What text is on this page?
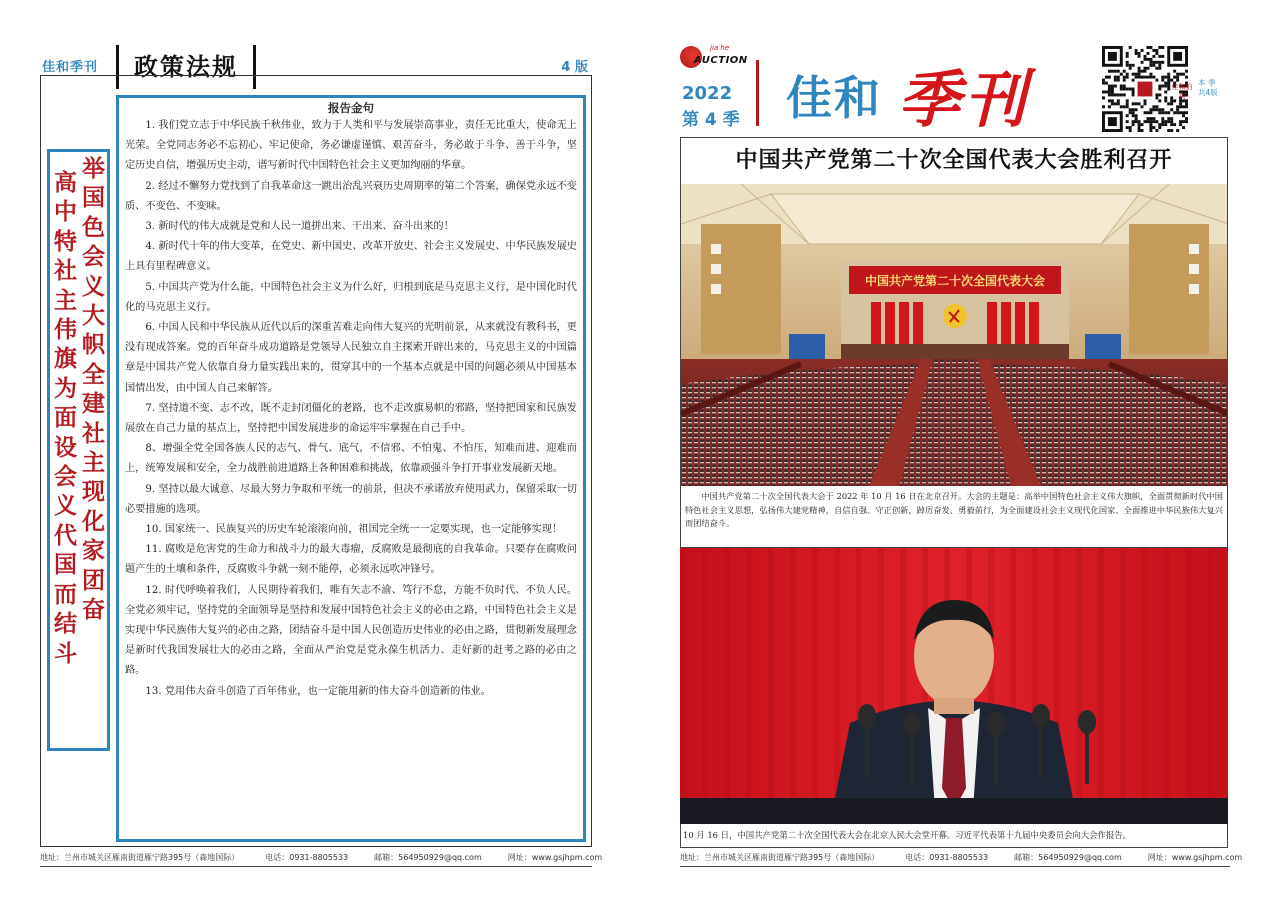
佳和季刊	政策法规	4 版
高
中
特
社
主
伟
旗
为
面
设
会
义
代
国
而
结
斗
举
国
色
会
义
大
帜
全
建
社
主
现
化
家
团
奋
报告金句

1. 我们党立志于中华民族千秋伟业，致力于人类和平与发展崇高事业，责任无比重大，使命无上光荣。全党同志务必不忘初心、牢记使命，务必谦虚谨慎、艰苦奋斗，务必敢于斗争、善于斗争，坚定历史自信，增强历史主动，谱写新时代中国特色社会主义更加绚丽的华章。

2. 经过不懈努力党找到了自我革命这一跳出治乱兴衰历史周期率的第二个答案，确保党永远不变质、不变色、不变味。

3. 新时代的伟大成就是党和人民一道拼出来、干出来、奋斗出来的！

4. 新时代十年的伟大变革，在党史、新中国史、改革开放史、社会主义发展史、中华民族发展史上具有里程碑意义。

5. 中国共产党为什么能，中国特色社会主义为什么好，归根到底是马克思主义行，是中国化时代化的马克思主义行。

6. 中国人民和中华民族从近代以后的深重苦难走向伟大复兴的光明前景，从来就没有教科书，更没有现成答案。党的百年奋斗成功道路是党领导人民独立自主探索开辟出来的，马克思主义的中国篇章是中国共产党人依靠自身力量实践出来的，贯穿其中的一个基本点就是中国的问题必须从中国基本国情出发，由中国人自己来解答。

7. 坚持道不变、志不改，既不走封闭僵化的老路，也不走改旗易帜的邪路，坚持把国家和民族发展放在自己力量的基点上，坚持把中国发展进步的命运牢牢掌握在自己手中。

8、增强全党全国各族人民的志气、骨气、底气，不信邪、不怕鬼、不怕压，知难而进、迎难而上，统筹发展和安全，全力战胜前进道路上各种困难和挑战，依靠顽强斗争打开事业发展新天地。

9. 坚持以最大诚意、尽最大努力争取和平统一的前景，但决不承诺放弃使用武力，保留采取一切必要措施的选项。

10. 国家统一、民族复兴的历史车轮滚滚向前，祖国完全统一一定要实现，也一定能够实现！

11. 腐败是危害党的生命力和战斗力的最大毒瘤，反腐败是最彻底的自我革命。只要存在腐败问题产生的土壤和条件，反腐败斗争就一刻不能停，必须永远吹冲锋号。

12. 时代呼唤着我们，人民期待着我们，唯有矢志不渝、笃行不怠，方能不负时代、不负人民。全党必须牢记，坚持党的全面领导是坚持和发展中国特色社会主义的必由之路，中国特色社会主义是实现中华民族伟大复兴的必由之路，团结奋斗是中国人民创造历史伟业的必由之路，贯彻新发展理念是新时代我国发展壮大的必由之路，全面从严治党是党永葆生机活力、走好新的赶考之路的必由之路。

13. 党用伟大奋斗创造了百年伟业，也一定能用新的伟大奋斗创造新的伟业。

地址：兰州市城关区雁南街道雁宁路395号（森地国际）	电话：0931-8805533	邮箱：564950929@qq.com	网址：www.gsjhpm.com
jia he
AUCTION
2022
第 4 季 佳和 季刊	佳和拍卖
本 季
共4版
中国共产党第二十次全国代表大会胜利召开
中国共产党第二十次全国代表大会
中国共产党第二十次全国代表大会于 2022 年 10 月 16 日在北京召开。大会的主题是：高举中国特色社会主义伟大旗帜，全面贯彻新时代中国特色社会主义思想，弘扬伟大建党精神，自信自强、守正创新，踔厉奋发、勇毅前行，为全面建设社会主义现代化国家、全面推进中华民族伟大复兴而团结奋斗。
10 月 16 日，中国共产党第二十次全国代表大会在北京人民大会堂开幕。习近平代表第十九届中央委员会向大会作报告。
地址：兰州市城关区雁南街道雁宁路395号（森地国际）	电话：0931-8805533	邮箱：564950929@qq.com	网址：www.gsjhpm.com
